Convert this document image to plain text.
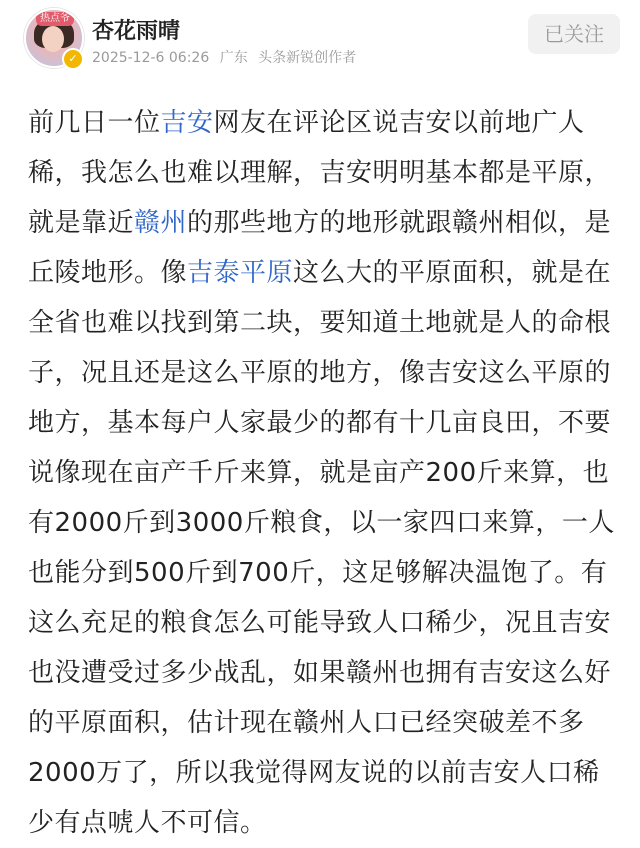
热点爷
✓
杏花雨晴
2025-12-6 06:26 广东 头条新锐创作者
已关注
前几日一位吉安网友在评论区说吉安以前地广人稀，我怎么也难以理解，吉安明明基本都是平原，就是靠近赣州的那些地方的地形就跟赣州相似，是丘陵地形。像吉泰平原这么大的平原面积，就是在全省也难以找到第二块，要知道土地就是人的命根子，况且还是这么平原的地方，像吉安这么平原的地方，基本每户人家最少的都有十几亩良田，不要说像现在亩产千斤来算，就是亩产200斤来算，也有2000斤到3000斤粮食，以一家四口来算，一人也能分到500斤到700斤，这足够解决温饱了。有这么充足的粮食怎么可能导致人口稀少，况且吉安也没遭受过多少战乱，如果赣州也拥有吉安这么好的平原面积，估计现在赣州人口已经突破差不多2000万了，所以我觉得网友说的以前吉安人口稀少有点唬人不可信。
